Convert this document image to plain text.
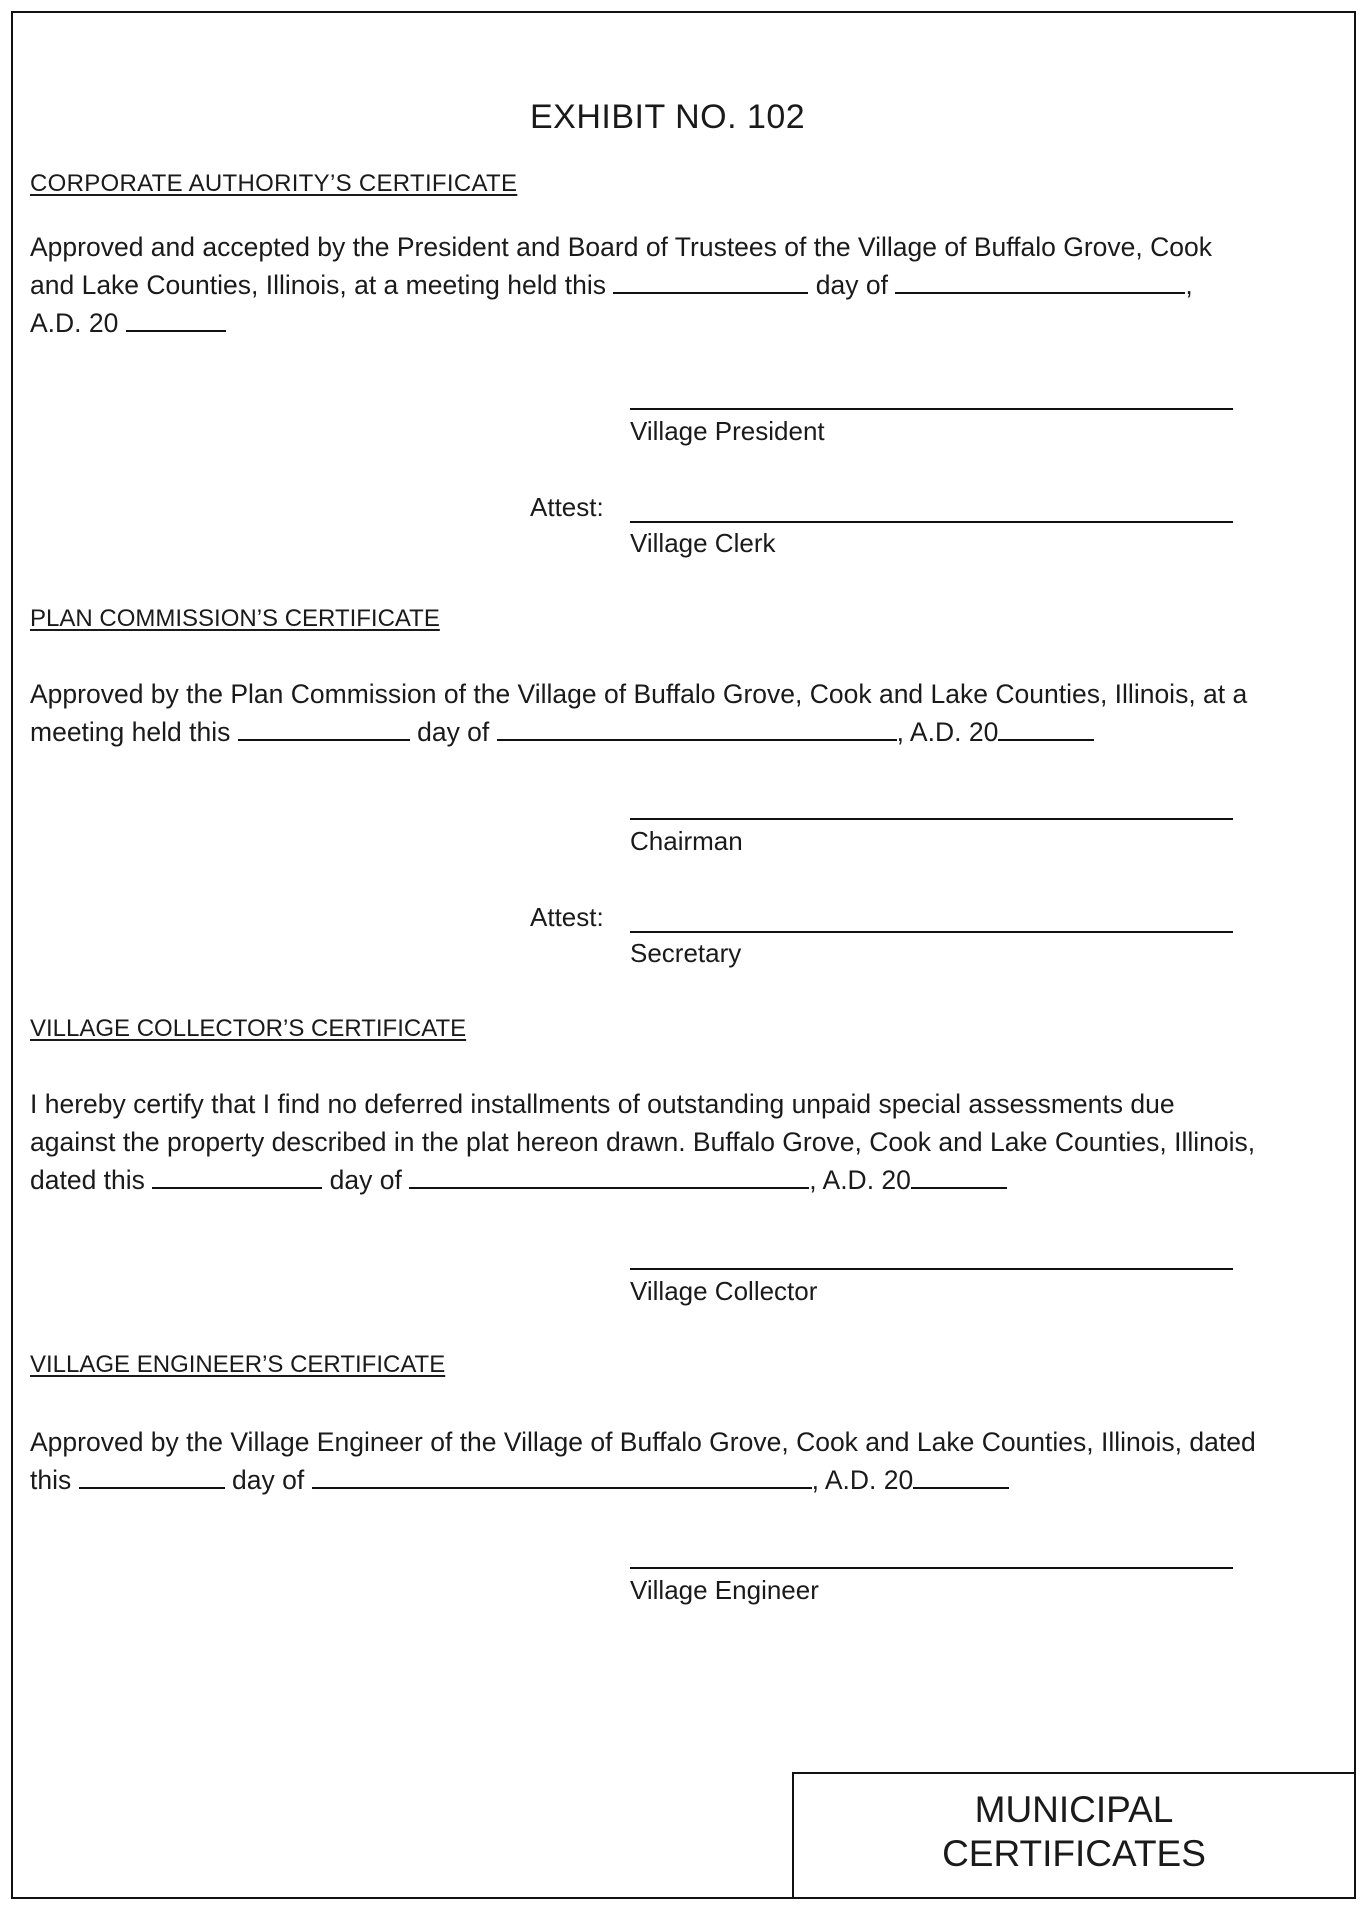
EXHIBIT NO. 102
CORPORATE AUTHORITY’S CERTIFICATE
Approved and accepted by the President and Board of Trustees of the Village of Buffalo Grove, Cook
and Lake Counties, Illinois, at a meeting held this	day of	,
A.D. 20
Village President
Attest:
Village Clerk
PLAN COMMISSION’S CERTIFICATE
Approved by the Plan Commission of the Village of Buffalo Grove, Cook and Lake Counties, Illinois, at a
meeting held this	day of	, A.D. 20
Chairman
Attest:
Secretary
VILLAGE COLLECTOR’S CERTIFICATE
I hereby certify that I find no deferred installments of outstanding unpaid special assessments due
against the property described in the plat hereon drawn. Buffalo Grove, Cook and Lake Counties, Illinois,
dated this	day of	, A.D. 20
Village Collector
VILLAGE ENGINEER’S CERTIFICATE
Approved by the Village Engineer of the Village of Buffalo Grove, Cook and Lake Counties, Illinois, dated
this	day of	, A.D. 20
Village Engineer
MUNICIPAL
CERTIFICATES
